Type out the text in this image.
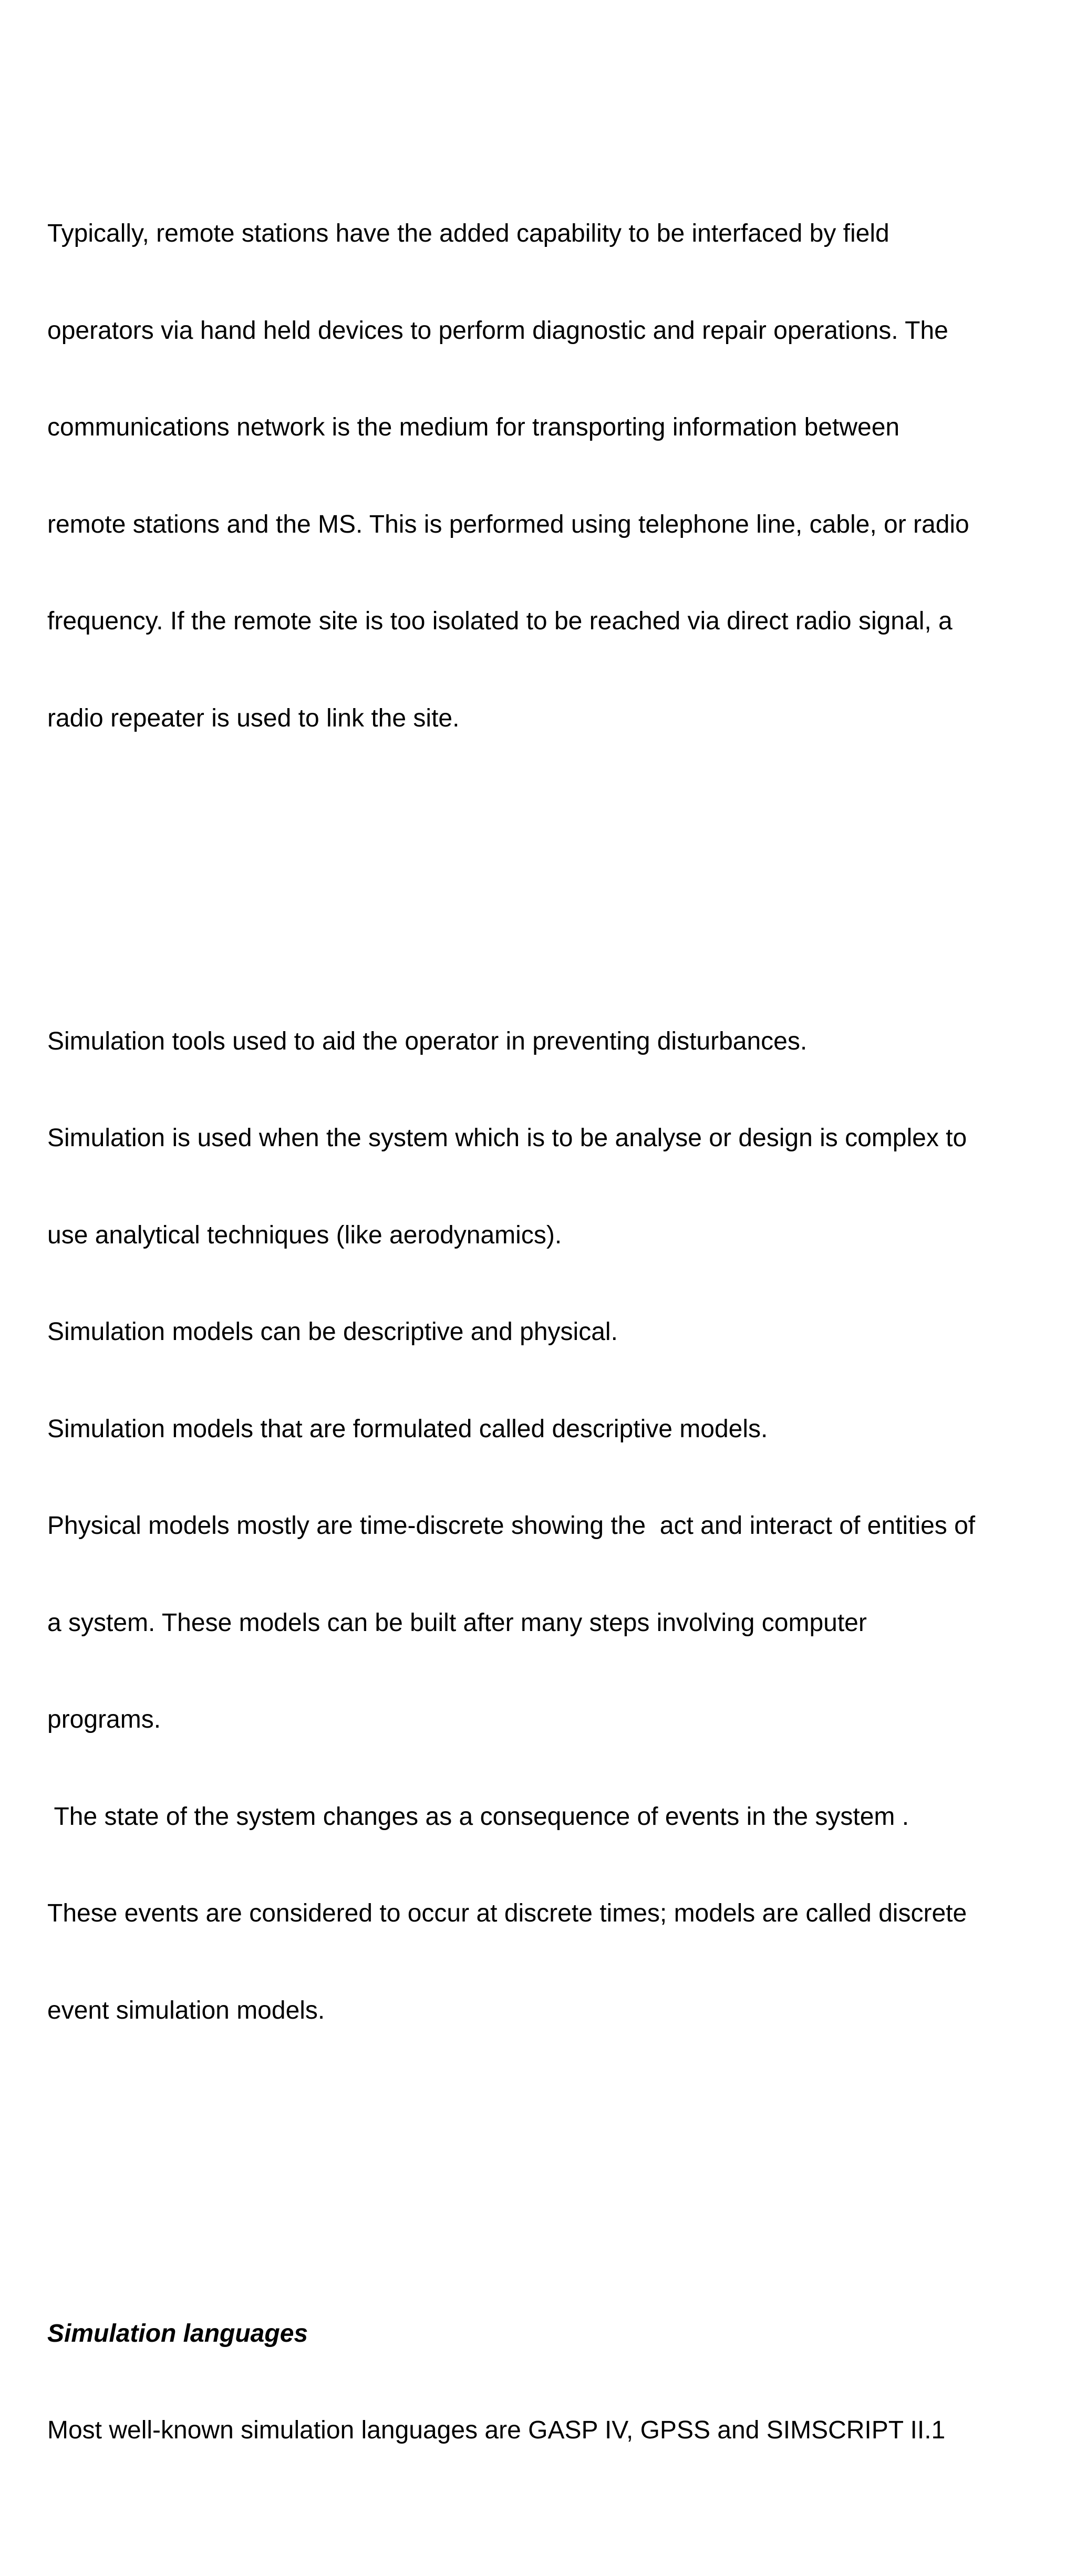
Typically, remote stations have the added capability to be interfaced by field

operators via hand held devices to perform diagnostic and repair operations. The

communications network is the medium for transporting information between

remote stations and the MS. This is performed using telephone line, cable, or radio

frequency. If the remote site is too isolated to be reached via direct radio signal, a

radio repeater is used to link the site.

Simulation tools used to aid the operator in preventing disturbances.

Simulation is used when the system which is to be analyse or design is complex to

use analytical techniques (like aerodynamics).

Simulation models can be descriptive and physical.

Simulation models that are formulated called descriptive models.

Physical models mostly are time-discrete showing the  act and interact of entities of

a system. These models can be built after many steps involving computer

programs.

The state of the system changes as a consequence of events in the system .

These events are considered to occur at discrete times; models are called discrete

event simulation models.

Simulation languages

Most well-known simulation languages are GASP IV, GPSS and SIMSCRIPT II.1
